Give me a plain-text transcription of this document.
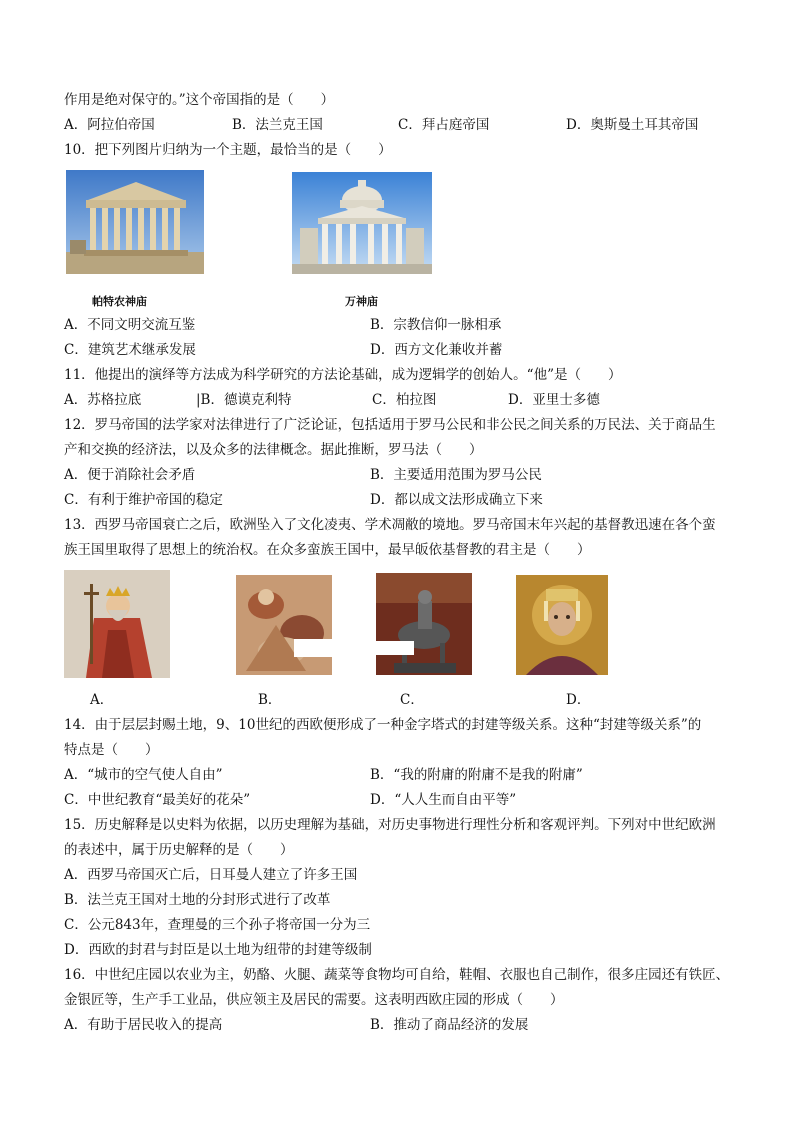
作用是绝对保守的。”这个帝国指的是（　　）
A．阿拉伯帝国	B．法兰克王国	C．拜占庭帝国	D．奥斯曼土耳其帝国
10．把下列图片归纳为一个主题，最恰当的是（　　）
帕特农神庙	万神庙
A．不同文明交流互鉴	B．宗教信仰一脉相承
C．建筑艺术继承发展	D．西方文化兼收并蓄
11．他提出的演绎等方法成为科学研究的方法论基础，成为逻辑学的创始人。“他”是（　　）
A．苏格拉底	|B．德谟克利特	C．柏拉图	D．亚里士多德
12．罗马帝国的法学家对法律进行了广泛论证，包括适用于罗马公民和非公民之间关系的万民法、关于商品生
产和交换的经济法，以及众多的法律概念。据此推断，罗马法（　　）
A．便于消除社会矛盾	B．主要适用范围为罗马公民
C．有利于维护帝国的稳定	D．都以成文法形成确立下来
13．西罗马帝国衰亡之后，欧洲坠入了文化凌夷、学术凋敝的境地。罗马帝国末年兴起的基督教迅速在各个蛮
族王国里取得了思想上的统治权。在众多蛮族王国中，最早皈依基督教的君主是（　　）
A．	B．	C．	D．
14．由于层层封赐土地，9、10世纪的西欧便形成了一种金字塔式的封建等级关系。这种“封建等级关系”的
特点是（　　）
A．“城市的空气使人自由”	B．“我的附庸的附庸不是我的附庸”
C．中世纪教育“最美好的花朵”	D．“人人生而自由平等”
15．历史解释是以史料为依据，以历史理解为基础，对历史事物进行理性分析和客观评判。下列对中世纪欧洲
的表述中，属于历史解释的是（　　）
A．西罗马帝国灭亡后，日耳曼人建立了许多王国
B．法兰克王国对土地的分封形式进行了改革
C．公元843年，查理曼的三个孙子将帝国一分为三
D．西欧的封君与封臣是以土地为纽带的封建等级制
16．中世纪庄园以农业为主，奶酪、火腿、蔬菜等食物均可自给，鞋帽、衣服也自己制作，很多庄园还有铁匠、
金银匠等，生产手工业品，供应领主及居民的需要。这表明西欧庄园的形成（　　）
A．有助于居民收入的提高	B．推动了商品经济的发展
